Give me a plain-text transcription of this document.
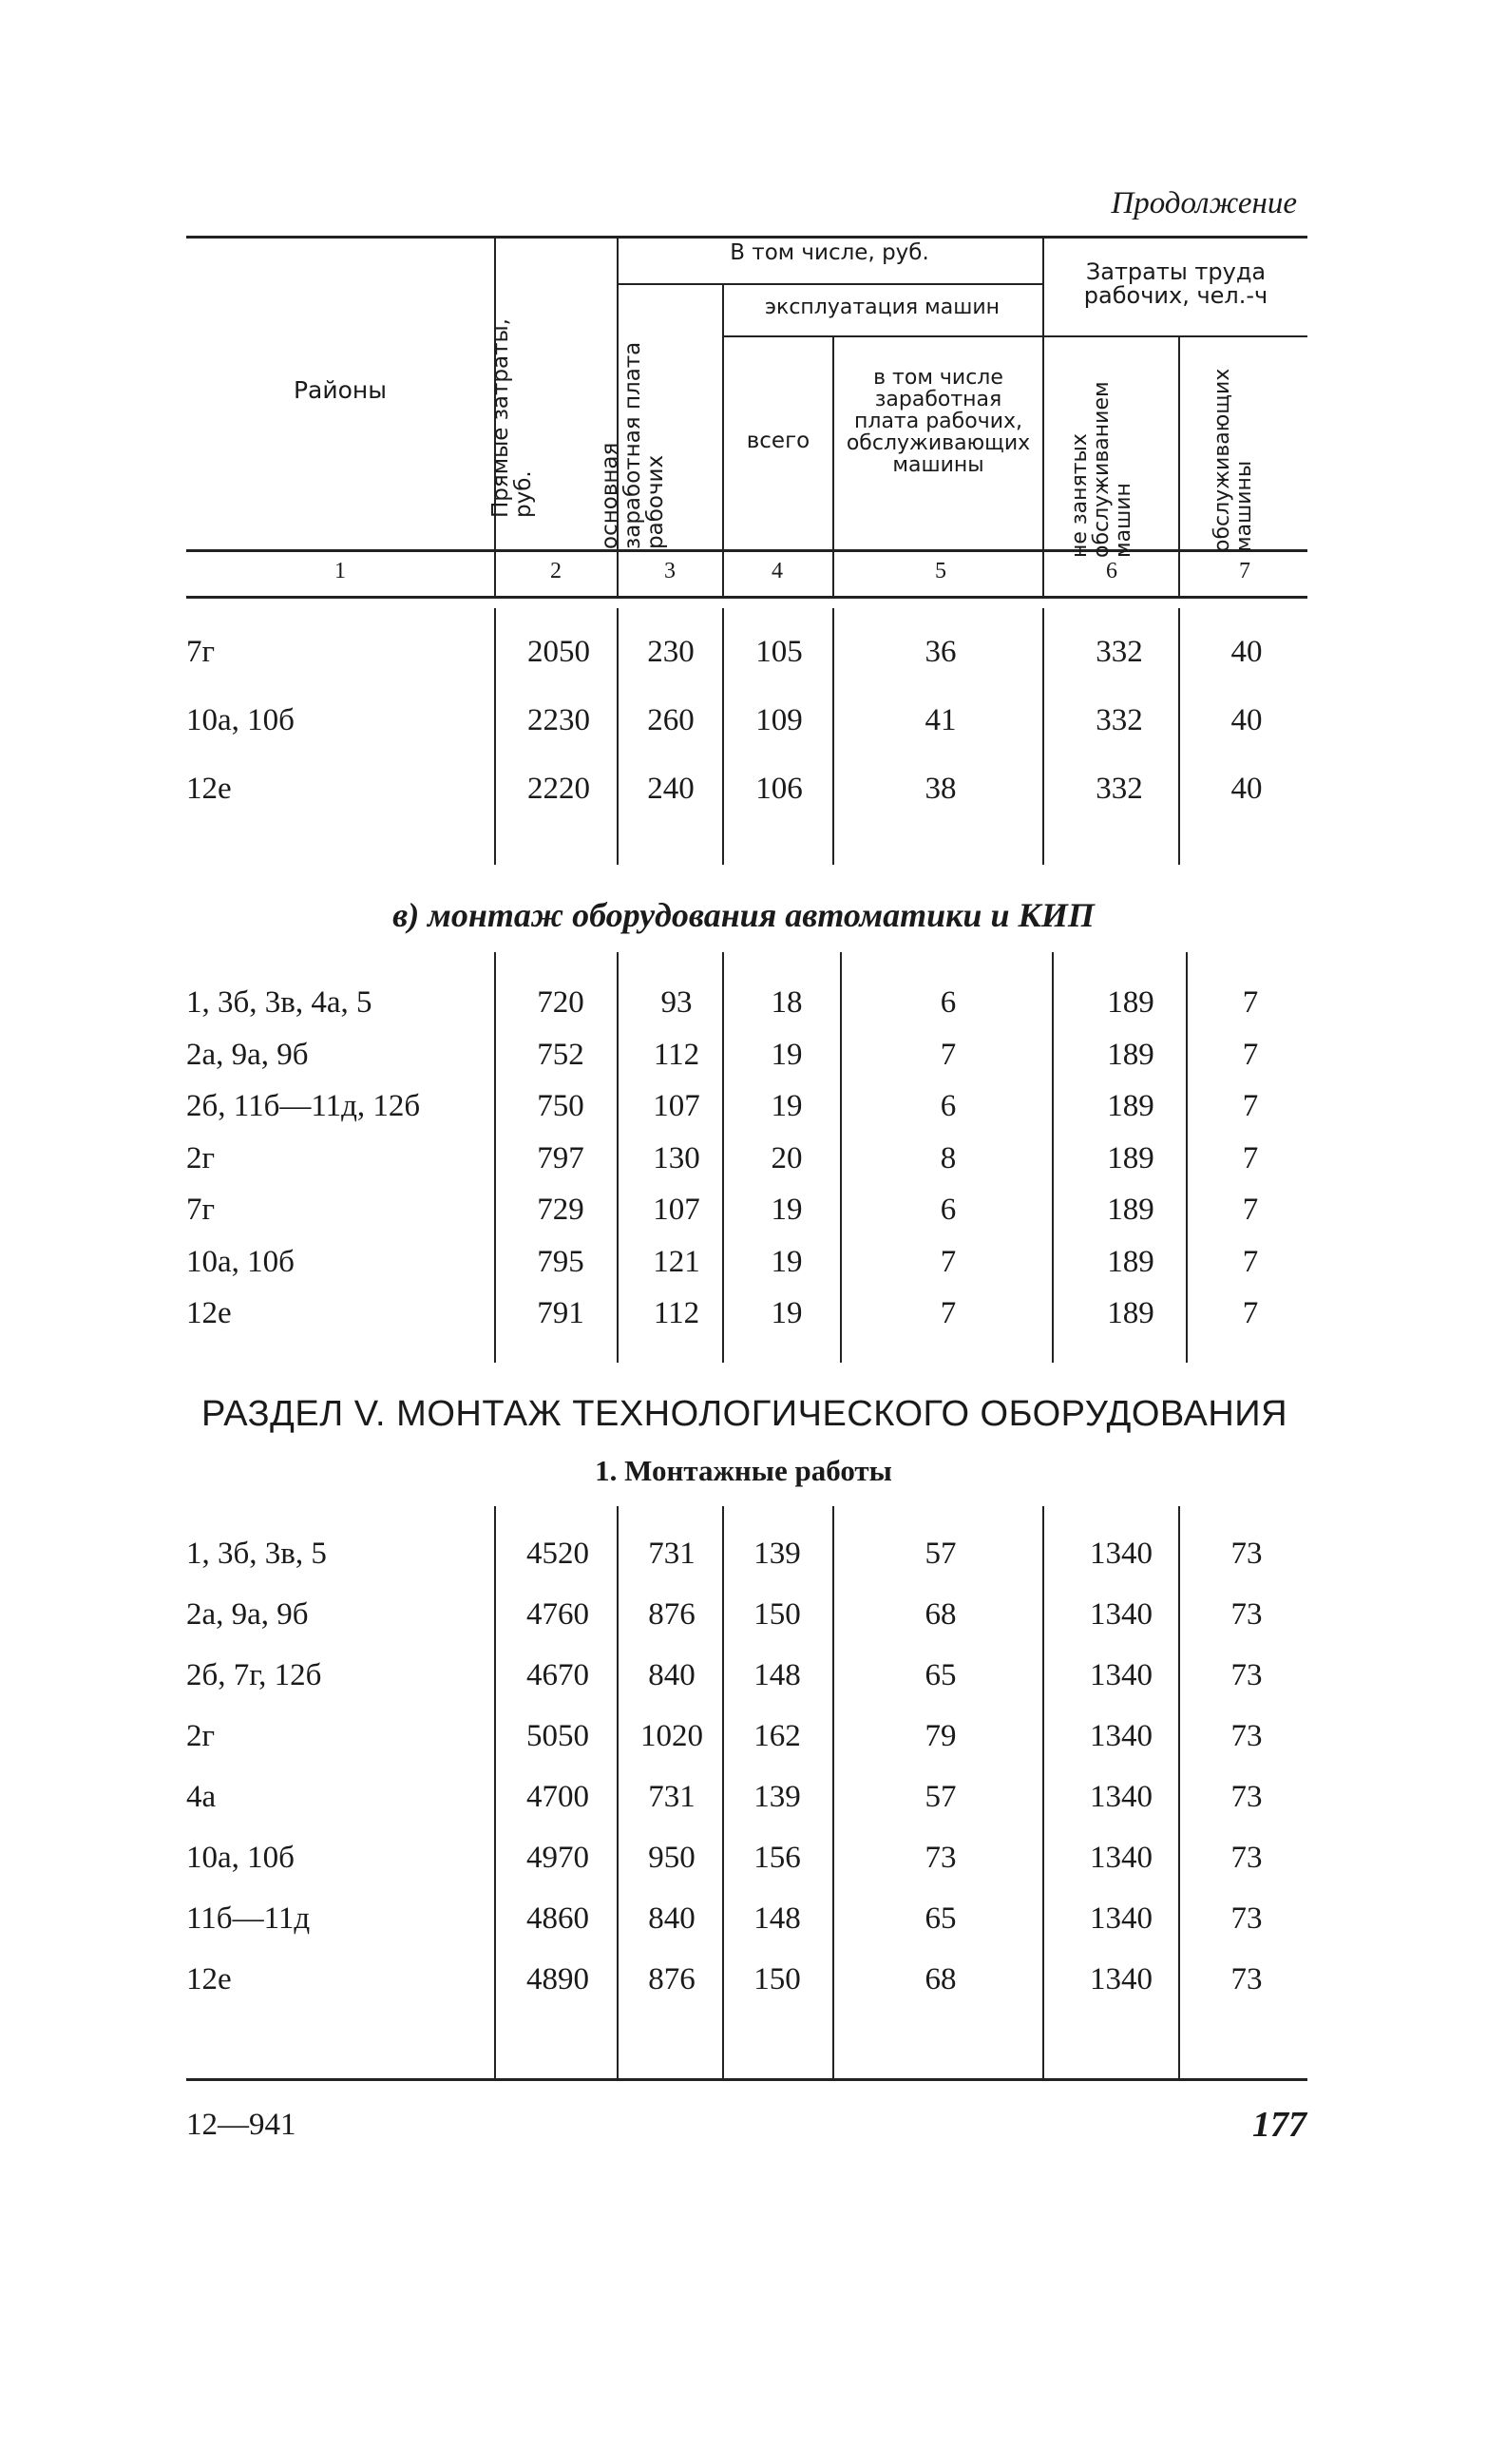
Продолжение
Районы	Прямые затраты, руб.
В том числе, руб.
основная заработная плата рабочих
эксплуатация машин
всего
в том числе заработная плата рабочих, обслуживающих машины
Затраты труда рабочих, чел.-ч
не занятых обслуживанием машин	обслуживающих машины
1	2	3	4	5	6	7
7г	2050	230	105	36	332	40
10а, 10б	2230	260	109	41	332	40
12е	2220	240	106	38	332	40
в) монтаж оборудования автоматики и КИП
1, 3б, 3в, 4а, 5	720	93	18	6	189	7
2а, 9а, 9б	752	112	19	7	189	7
2б, 11б—11д, 12б	750	107	19	6	189	7
2г	797	130	20	8	189	7
7г	729	107	19	6	189	7
10а, 10б	795	121	19	7	189	7
12е	791	112	19	7	189	7
РАЗДЕЛ V. МОНТАЖ ТЕХНОЛОГИЧЕСКОГО ОБОРУДОВАНИЯ
1. Монтажные работы
1, 3б, 3в, 5	4520	731	139	57	1340	73
2а, 9а, 9б	4760	876	150	68	1340	73
2б, 7г, 12б	4670	840	148	65	1340	73
2г	5050	1020	162	79	1340	73
4а	4700	731	139	57	1340	73
10а, 10б	4970	950	156	73	1340	73
11б—11д	4860	840	148	65	1340	73
12е	4890	876	150	68	1340	73
12—941	177
